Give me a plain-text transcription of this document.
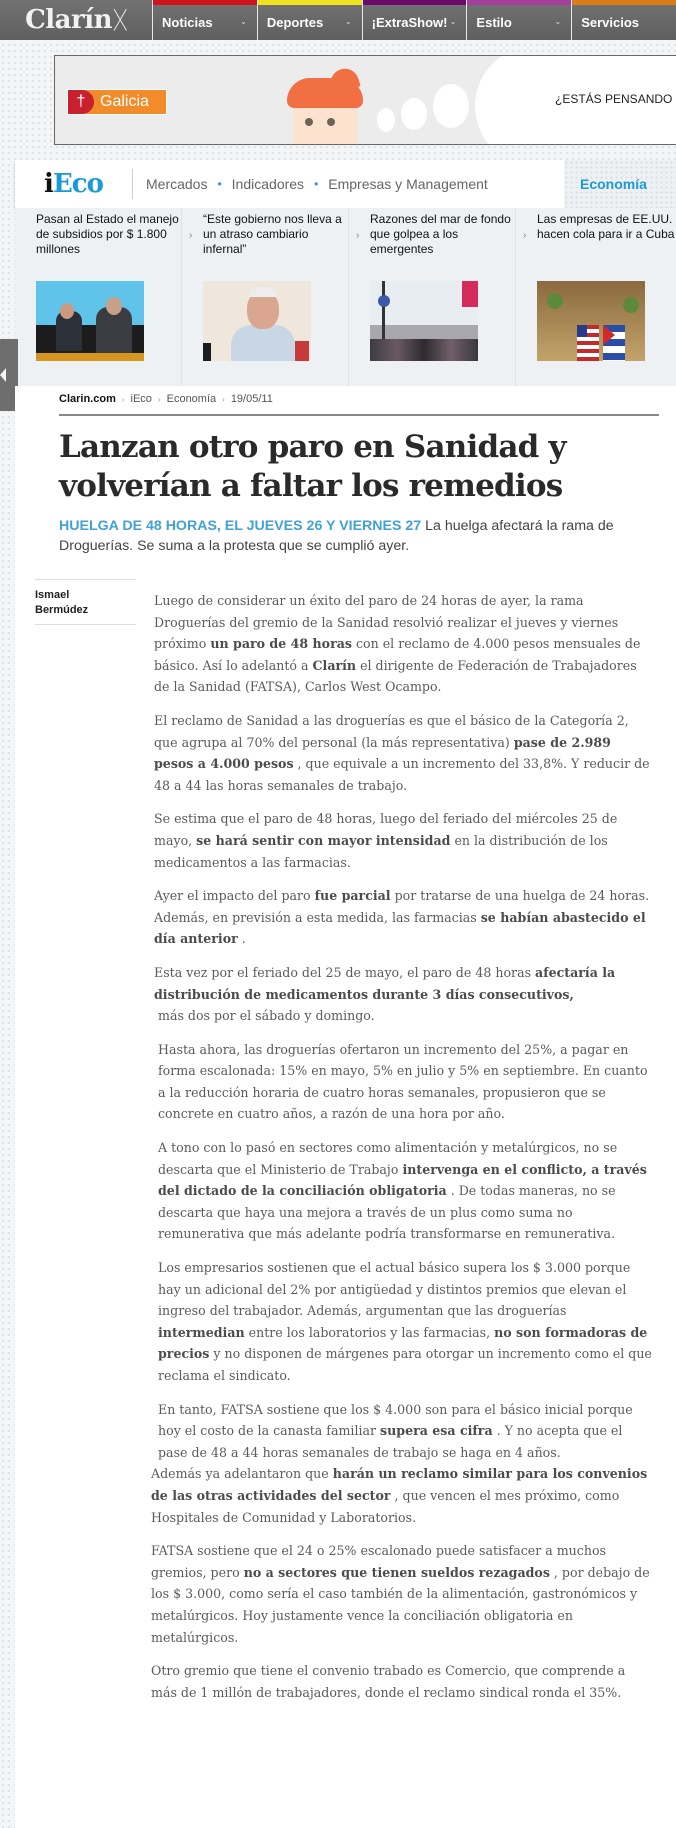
Clarín ᚷ	Noticias	⌄ Deportes	⌄ ¡ExtraShow! ⌄ Estilo	⌄ Servicios
† Galicia	¿ESTÁS PENSANDO
iEco	Mercados • Indicadores • Empresas y Management	Economía
Pasan al Estado el manejo de subsidios por $ 1.800 millones
›
“Este gobierno nos lleva a un atraso cambiario infernal”
›
Razones del mar de fondo que golpea a los emergentes
›
Las empresas de EE.UU. hacen cola para ir a Cuba
Clarin.com › iEco › Economía › 19/05/11
Lanzan otro paro en Sanidad y volverían a faltar los remedios
HUELGA DE 48 HORAS, EL JUEVES 26 Y VIERNES 27 La huelga afectará la rama de Droguerías. Se suma a la protesta que se cumplió ayer.
Ismael
Bermúdez

Luego de considerar un éxito del paro de 24 horas de ayer, la rama Droguerías del gremio de la Sanidad resolvió realizar el jueves y viernes próximo un paro de 48 horas con el reclamo de 4.000 pesos mensuales de básico. Así lo adelantó a Clarín el dirigente de Federación de Trabajadores de la Sanidad (FATSA), Carlos West Ocampo.

El reclamo de Sanidad a las droguerías es que el básico de la Categoría 2, que agrupa al 70% del personal (la más representativa) pase de 2.989 pesos a 4.000 pesos , que equivale a un incremento del 33,8%. Y reducir de 48 a 44 las horas semanales de trabajo.

Se estima que el paro de 48 horas, luego del feriado del miércoles 25 de mayo, se hará sentir con mayor intensidad en la distribución de los medicamentos a las farmacias.

Ayer el impacto del paro fue parcial por tratarse de una huelga de 24 horas. Además, en previsión a esta medida, las farmacias se habían abastecido el día anterior .

Esta vez por el feriado del 25 de mayo, el paro de 48 horas afectaría la distribución de medicamentos durante 3 días consecutivos,

más dos por el sábado y domingo.

Hasta ahora, las droguerías ofertaron un incremento del 25%, a pagar en forma escalonada: 15% en mayo, 5% en julio y 5% en septiembre. En cuanto a la reducción horaria de cuatro horas semanales, propusieron que se concrete en cuatro años, a razón de una hora por año.

A tono con lo pasó en sectores como alimentación y metalúrgicos, no se descarta que el Ministerio de Trabajo intervenga en el conflicto, a través del dictado de la conciliación obligatoria . De todas maneras, no se descarta que haya una mejora a través de un plus como suma no remunerativa que más adelante podría transformarse en remunerativa.

Los empresarios sostienen que el actual básico supera los $ 3.000 porque hay un adicional del 2% por antigüedad y distintos premios que elevan el ingreso del trabajador. Además, argumentan que las droguerías intermedian entre los laboratorios y las farmacias, no son formadoras de precios y no disponen de márgenes para otorgar un incremento como el que reclama el sindicato.

En tanto, FATSA sostiene que los $ 4.000 son para el básico inicial porque hoy el costo de la canasta familiar supera esa cifra . Y no acepta que el pase de 48 a 44 horas semanales de trabajo se haga en 4 años.

Además ya adelantaron que harán un reclamo similar para los convenios de las otras actividades del sector , que vencen el mes próximo, como Hospitales de Comunidad y Laboratorios.

FATSA sostiene que el 24 o 25% escalonado puede satisfacer a muchos gremios, pero no a sectores que tienen sueldos rezagados , por debajo de los $ 3.000, como sería el caso también de la alimentación, gastronómicos y metalúrgicos. Hoy justamente vence la conciliación obligatoria en metalúrgicos.

Otro gremio que tiene el convenio trabado es Comercio, que comprende a más de 1 millón de trabajadores, donde el reclamo sindical ronda el 35%.
